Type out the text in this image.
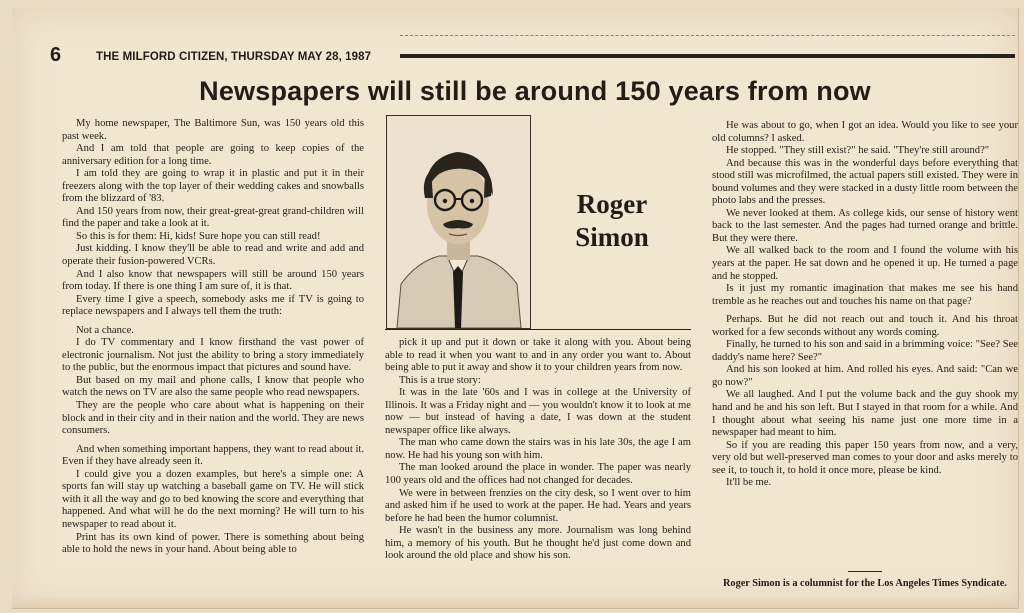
6	THE MILFORD CITIZEN, THURSDAY MAY 28, 1987
Newspapers will still be around 150 years from now

My home newspaper, The Baltimore Sun, was 150 years old this past week.

And I am told that people are going to keep copies of the anniversary edition for a long time.

I am told they are going to wrap it in plastic and put it in their freezers along with the top layer of their wedding cakes and snowballs from the blizzard of '83.

And 150 years from now, their great-great-great grand-children will find the paper and take a look at it.

So this is for them: Hi, kids! Sure hope you can still read!

Just kidding. I know they'll be able to read and write and add and operate their fusion-powered VCRs.

And I also know that newspapers will still be around 150 years from today. If there is one thing I am sure of, it is that.

Every time I give a speech, somebody asks me if TV is going to replace newspapers and I always tell them the truth:

Not a chance.

I do TV commentary and I know firsthand the vast power of electronic journalism. Not just the ability to bring a story immediately to the public, but the enormous impact that pictures and sound have.

But based on my mail and phone calls, I know that people who watch the news on TV are also the same people who read newspapers.

They are the people who care about what is happening on their block and in their city and in their nation and the world. They are news consumers.

And when something important happens, they want to read about it. Even if they have already seen it.

I could give you a dozen examples, but here's a simple one: A sports fan will stay up watching a baseball game on TV. He will stick with it all the way and go to bed knowing the score and everything that happened. And what will he do the next morning? He will turn to his newspaper to read about it.

Print has its own kind of power. There is something about being able to hold the news in your hand. About being able to

Roger Simon

pick it up and put it down or take it along with you. About being able to read it when you want to and in any order you want to. About being able to put it away and show it to your children years from now.

This is a true story:

It was in the late '60s and I was in college at the University of Illinois. It was a Friday night and — you wouldn't know it to look at me now — but instead of having a date, I was down at the student newspaper office like always.

The man who came down the stairs was in his late 30s, the age I am now. He had his young son with him.

The man looked around the place in wonder. The paper was nearly 100 years old and the offices had not changed for decades.

We were in between frenzies on the city desk, so I went over to him and asked him if he used to work at the paper. He had. Years and years before he had been the humor columnist.

He wasn't in the business any more. Journalism was long behind him, a memory of his youth. But he thought he'd just come down and look around the old place and show his son.

He was about to go, when I got an idea. Would you like to see your old columns? I asked.

He stopped. "They still exist?" he said. "They're still around?"

And because this was in the wonderful days before everything that stood still was microfilmed, the actual papers still existed. They were in bound volumes and they were stacked in a dusty little room between the photo labs and the presses.

We never looked at them. As college kids, our sense of history went back to the last semester. And the pages had turned orange and brittle. But they were there.

We all walked back to the room and I found the volume with his years at the paper. He sat down and he opened it up. He turned a page and he stopped.

Is it just my romantic imagination that makes me see his hand tremble as he reaches out and touches his name on that page?

Perhaps. But he did not reach out and touch it. And his throat worked for a few seconds without any words coming.

Finally, he turned to his son and said in a brimming voice: "See? See daddy's name here? See?"

And his son looked at him. And rolled his eyes. And said: "Can we go now?"

We all laughed. And I put the volume back and the guy shook my hand and he and his son left. But I stayed in that room for a while. And I thought about what seeing his name just one more time in a newspaper had meant to him.

So if you are reading this paper 150 years from now, and a very, very old but well-preserved man comes to your door and asks merely to see it, to touch it, to hold it once more, please be kind.

It'll be me.

Roger Simon is a columnist for the Los Angeles Times Syndicate.
